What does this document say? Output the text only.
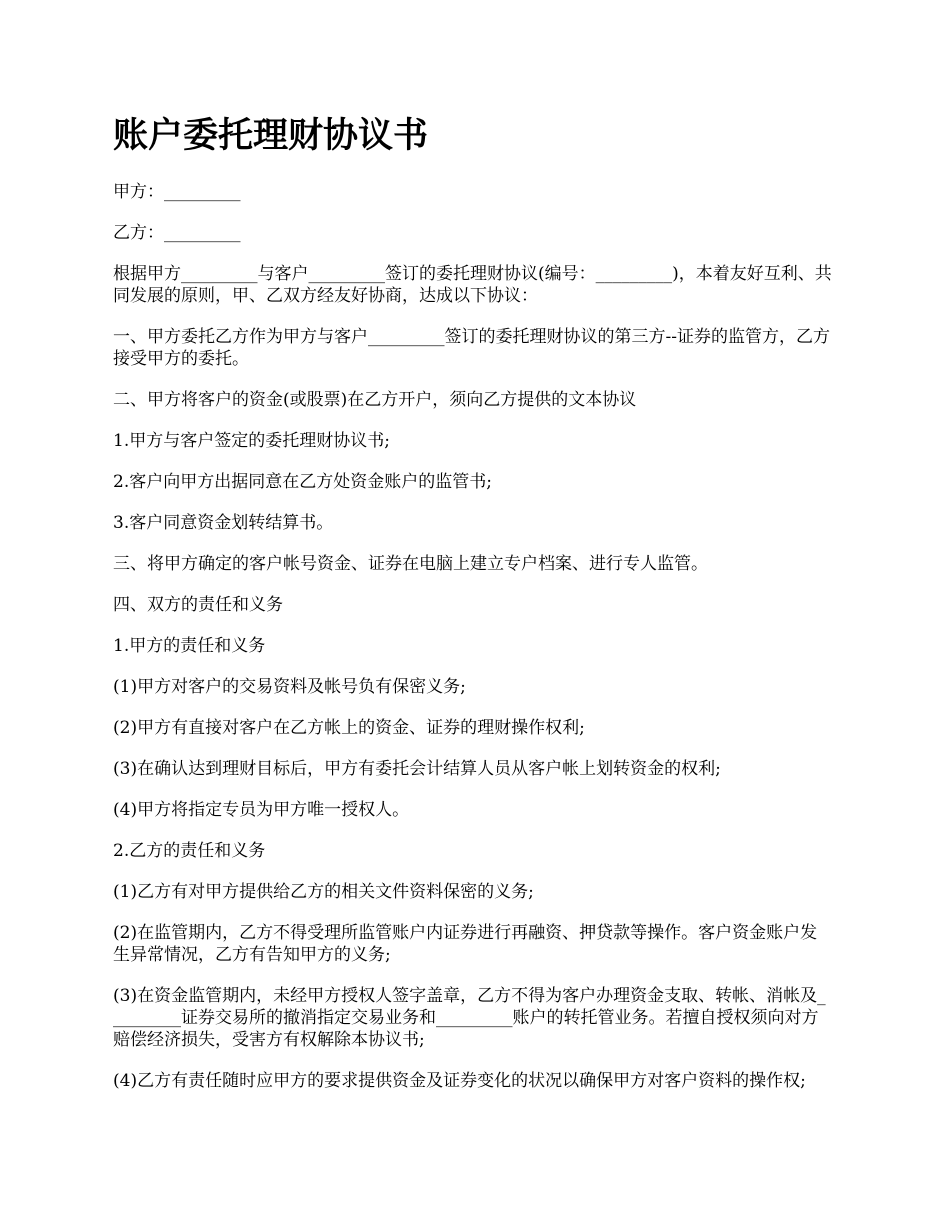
账户委托理财协议书

甲方：_________

乙方：_________

根据甲方_________与客户_________签订的委托理财协议(编号：_________)，本着友好互利、共同发展的原则，甲、乙双方经友好协商，达成以下协议：

一、甲方委托乙方作为甲方与客户_________签订的委托理财协议的第三方--证券的监管方，乙方接受甲方的委托。

二、甲方将客户的资金(或股票)在乙方开户，须向乙方提供的文本协议

1.甲方与客户签定的委托理财协议书;

2.客户向甲方出据同意在乙方处资金账户的监管书;

3.客户同意资金划转结算书。

三、将甲方确定的客户帐号资金、证券在电脑上建立专户档案、进行专人监管。

四、双方的责任和义务

1.甲方的责任和义务

(1)甲方对客户的交易资料及帐号负有保密义务;

(2)甲方有直接对客户在乙方帐上的资金、证券的理财操作权利;

(3)在确认达到理财目标后，甲方有委托会计结算人员从客户帐上划转资金的权利;

(4)甲方将指定专员为甲方唯一授权人。

2.乙方的责任和义务

(1)乙方有对甲方提供给乙方的相关文件资料保密的义务;

(2)在监管期内，乙方不得受理所监管账户内证券进行再融资、押贷款等操作。客户资金账户发生异常情况，乙方有告知甲方的义务;

(3)在资金监管期内，未经甲方授权人签字盖章，乙方不得为客户办理资金支取、转帐、消帐及_________证券交易所的撤消指定交易业务和_________账户的转托管业务。若擅自授权须向对方赔偿经济损失，受害方有权解除本协议书;

(4)乙方有责任随时应甲方的要求提供资金及证券变化的状况以确保甲方对客户资料的操作权;
